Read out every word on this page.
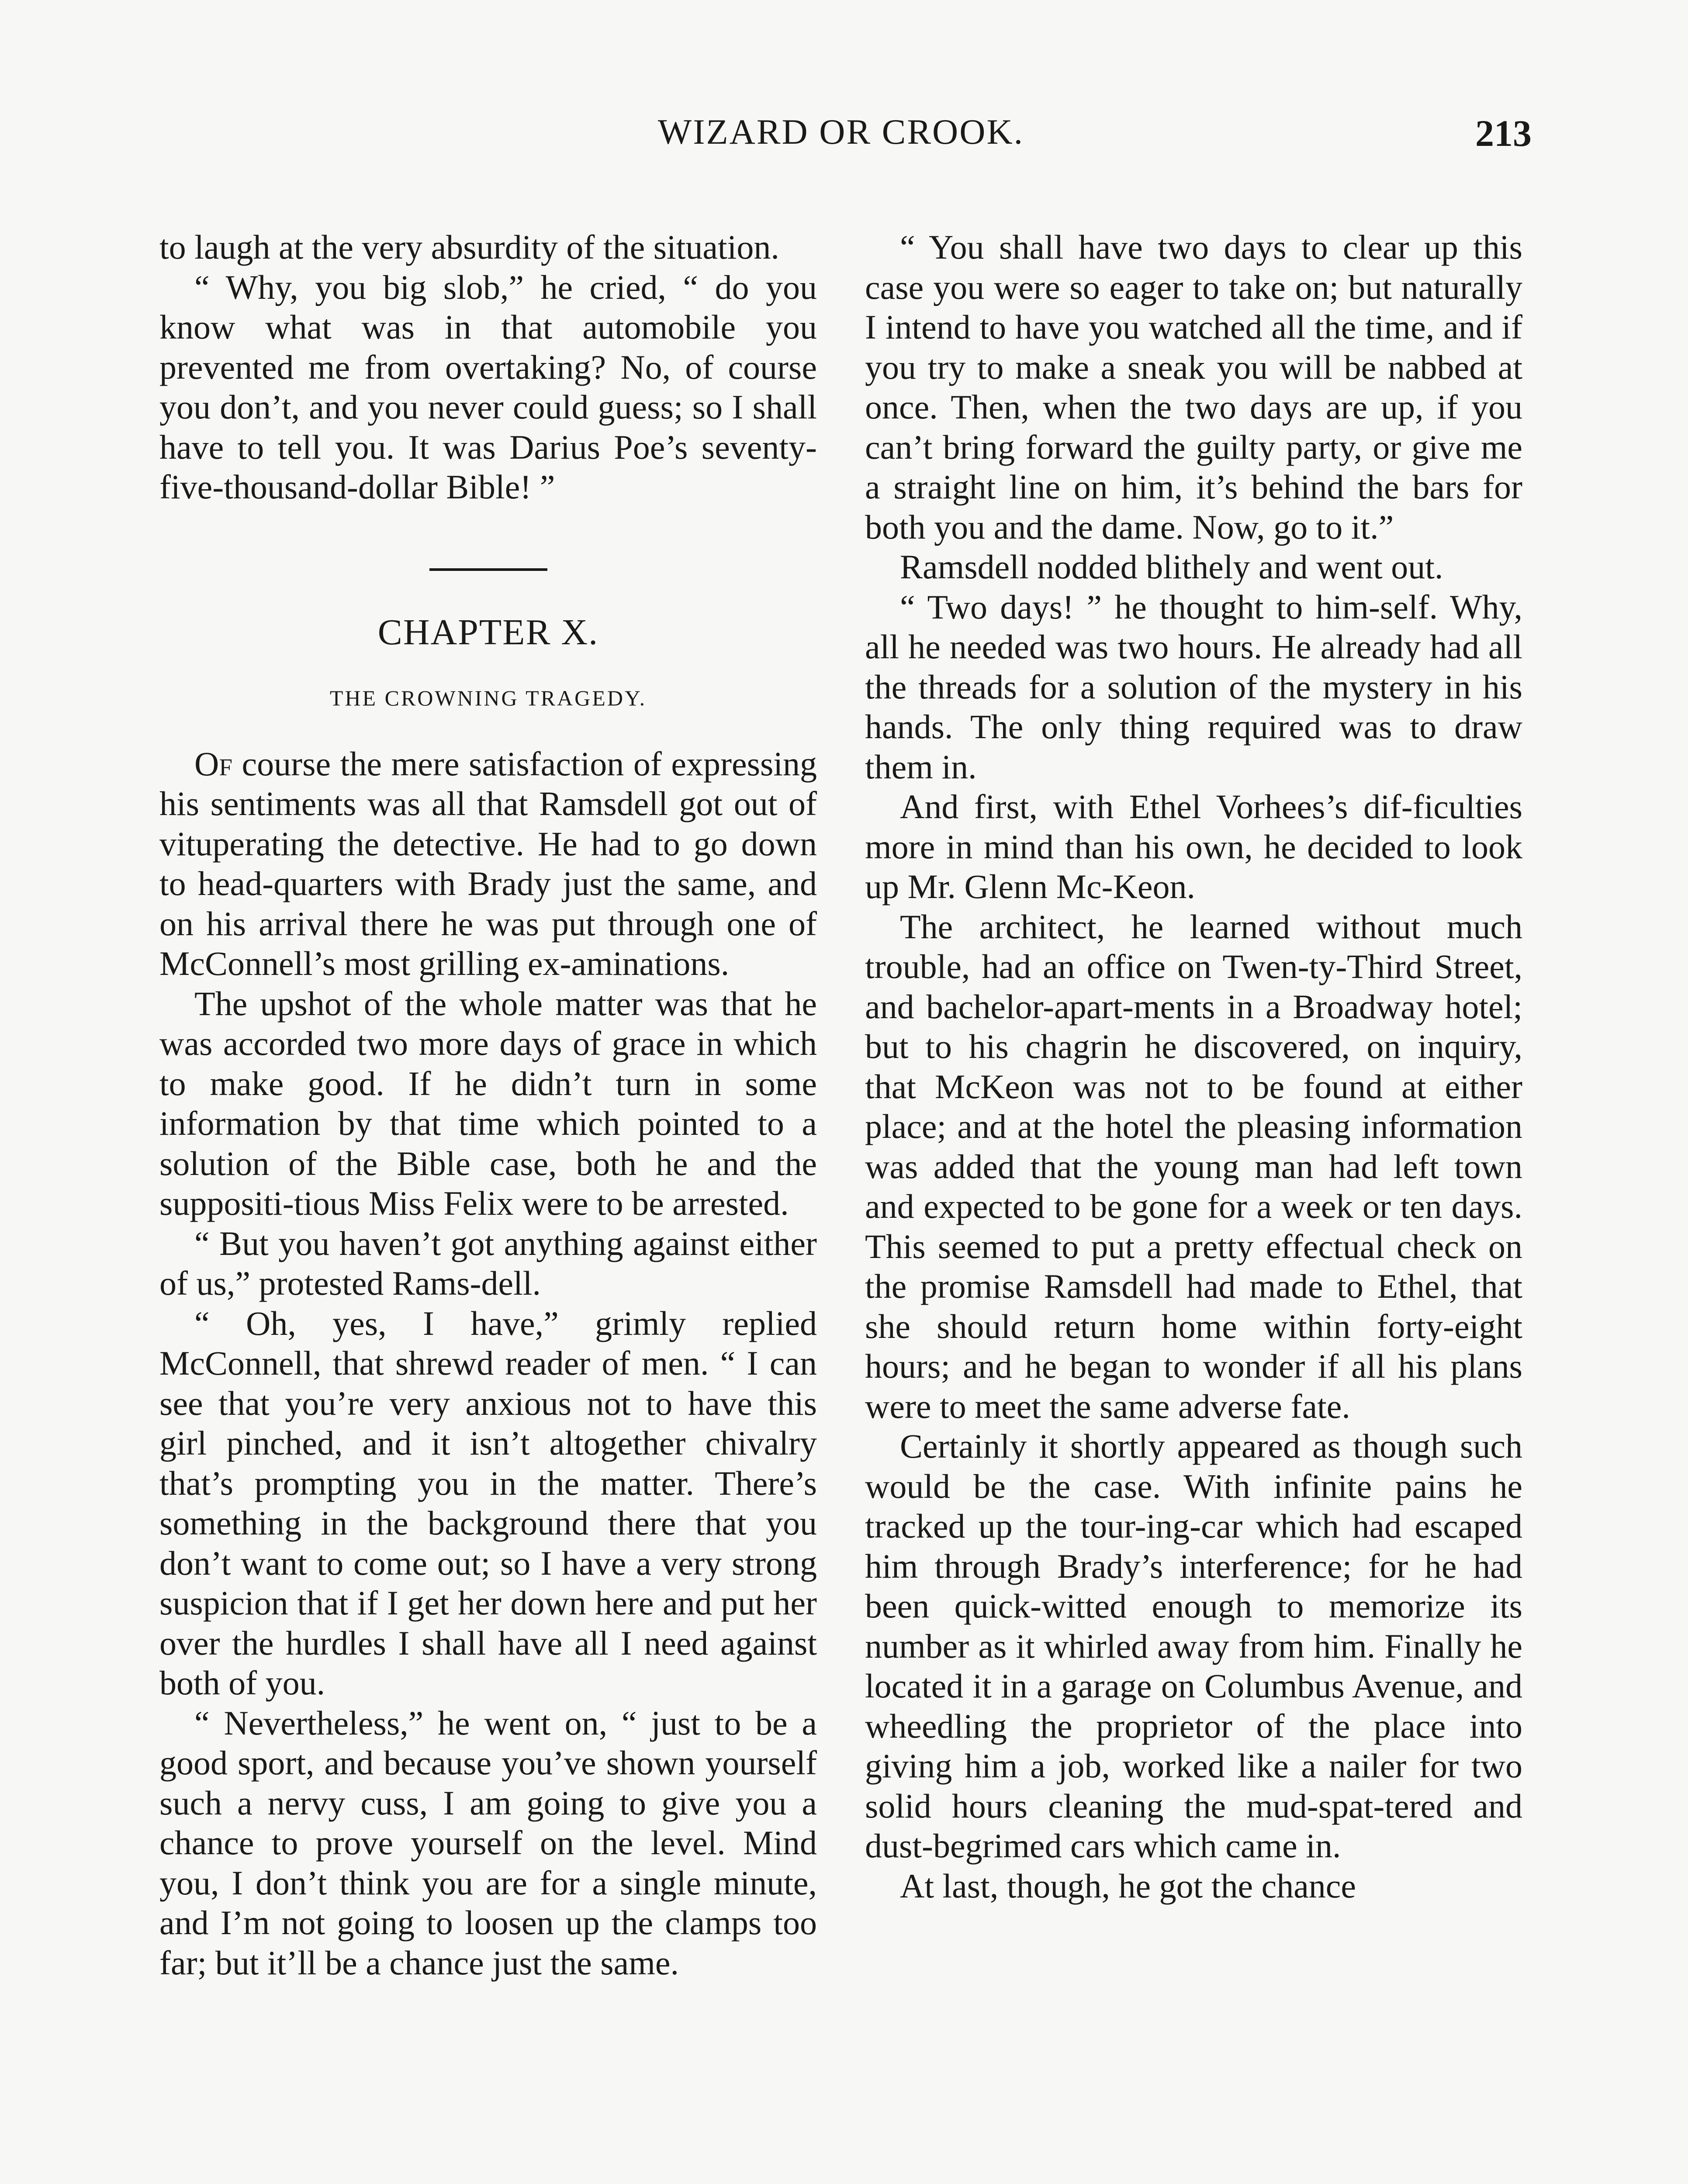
WIZARD OR CROOK.	213

to laugh at the very absurdity of the situation.

“ Why, you big slob,” he cried, “ do you know what was in that automobile you prevented me from overtaking? No, of course you don’t, and you never could guess; so I shall have to tell you. It was Darius Poe’s seventy-five-thousand-dollar Bible! ”

CHAPTER X.
THE CROWNING TRAGEDY.

Of course the mere satisfaction of expressing his sentiments was all that Ramsdell got out of vituperating the detective. He had to go down to head-quarters with Brady just the same, and on his arrival there he was put through one of McConnell’s most grilling ex-aminations.

The upshot of the whole matter was that he was accorded two more days of grace in which to make good. If he didn’t turn in some information by that time which pointed to a solution of the Bible case, both he and the suppositi-tious Miss Felix were to be arrested.

“ But you haven’t got anything against either of us,” protested Rams-dell.

“ Oh, yes, I have,” grimly replied McConnell, that shrewd reader of men. “ I can see that you’re very anxious not to have this girl pinched, and it isn’t altogether chivalry that’s prompting you in the matter. There’s something in the background there that you don’t want to come out; so I have a very strong suspicion that if I get her down here and put her over the hurdles I shall have all I need against both of you.

“ Nevertheless,” he went on, “ just to be a good sport, and because you’ve shown yourself such a nervy cuss, I am going to give you a chance to prove yourself on the level. Mind you, I don’t think you are for a single minute, and I’m not going to loosen up the clamps too far; but it’ll be a chance just the same.

“ You shall have two days to clear up this case you were so eager to take on; but naturally I intend to have you watched all the time, and if you try to make a sneak you will be nabbed at once. Then, when the two days are up, if you can’t bring forward the guilty party, or give me a straight line on him, it’s behind the bars for both you and the dame. Now, go to it.”

Ramsdell nodded blithely and went out.

“ Two days! ” he thought to him-self. Why, all he needed was two hours. He already had all the threads for a solution of the mystery in his hands. The only thing required was to draw them in.

And first, with Ethel Vorhees’s dif-ficulties more in mind than his own, he decided to look up Mr. Glenn Mc-Keon.

The architect, he learned without much trouble, had an office on Twen-ty-Third Street, and bachelor-apart-ments in a Broadway hotel; but to his chagrin he discovered, on inquiry, that McKeon was not to be found at either place; and at the hotel the pleasing information was added that the young man had left town and expected to be gone for a week or ten days. This seemed to put a pretty effectual check on the promise Ramsdell had made to Ethel, that she should return home within forty-eight hours; and he began to wonder if all his plans were to meet the same adverse fate.

Certainly it shortly appeared as though such would be the case. With infinite pains he tracked up the tour-ing-car which had escaped him through Brady’s interference; for he had been quick-witted enough to memorize its number as it whirled away from him. Finally he located it in a garage on Columbus Avenue, and wheedling the proprietor of the place into giving him a job, worked like a nailer for two solid hours cleaning the mud-spat-tered and dust-begrimed cars which came in.

At last, though, he got the chance
